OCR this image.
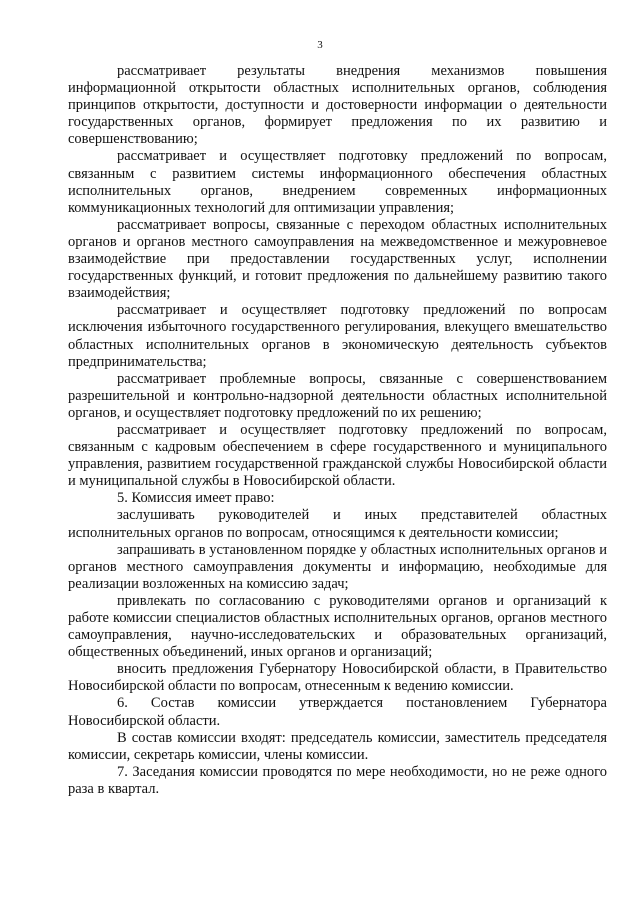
3

рассматривает результаты внедрения механизмов повышения информационной открытости областных исполнительных органов, соблюдения принципов открытости, доступности и достоверности информации о деятельности государственных органов, формирует предложения по их развитию и совершенствованию;

рассматривает и осуществляет подготовку предложений по вопросам, связанным с развитием системы информационного обеспечения областных исполнительных органов, внедрением современных информационных коммуникационных технологий для оптимизации управления;

рассматривает вопросы, связанные с переходом областных исполнительных органов и органов местного самоуправления на межведомственное и межуровневое взаимодействие при предоставлении государственных услуг, исполнении государственных функций, и готовит предложения по дальнейшему развитию такого взаимодействия;

рассматривает и осуществляет подготовку предложений по вопросам исключения избыточного государственного регулирования, влекущего вмешательство областных исполнительных органов в экономическую деятельность субъектов предпринимательства;

рассматривает проблемные вопросы, связанные с совершенствованием разрешительной и контрольно-надзорной деятельности областных исполнительной органов, и осуществляет подготовку предложений по их решению;

рассматривает и осуществляет подготовку предложений по вопросам, связанным с кадровым обеспечением в сфере государственного и муниципального управления, развитием государственной гражданской службы Новосибирской области и муниципальной службы в Новосибирской области.

5. Комиссия имеет право:

заслушивать руководителей и иных представителей областных исполнительных органов по вопросам, относящимся к деятельности комиссии;

запрашивать в установленном порядке у областных исполнительных органов и органов местного самоуправления документы и информацию, необходимые для реализации возложенных на комиссию задач;

привлекать по согласованию с руководителями органов и организаций к работе комиссии специалистов областных исполнительных органов, органов местного самоуправления, научно-исследовательских и образовательных организаций, общественных объединений, иных органов и организаций;

вносить предложения Губернатору Новосибирской области, в Правительство Новосибирской области по вопросам, отнесенным к ведению комиссии.

6. Состав комиссии утверждается постановлением Губернатора Новосибирской области.

В состав комиссии входят: председатель комиссии, заместитель председателя комиссии, секретарь комиссии, члены комиссии.

7. Заседания комиссии проводятся по мере необходимости, но не реже одного раза в квартал.
